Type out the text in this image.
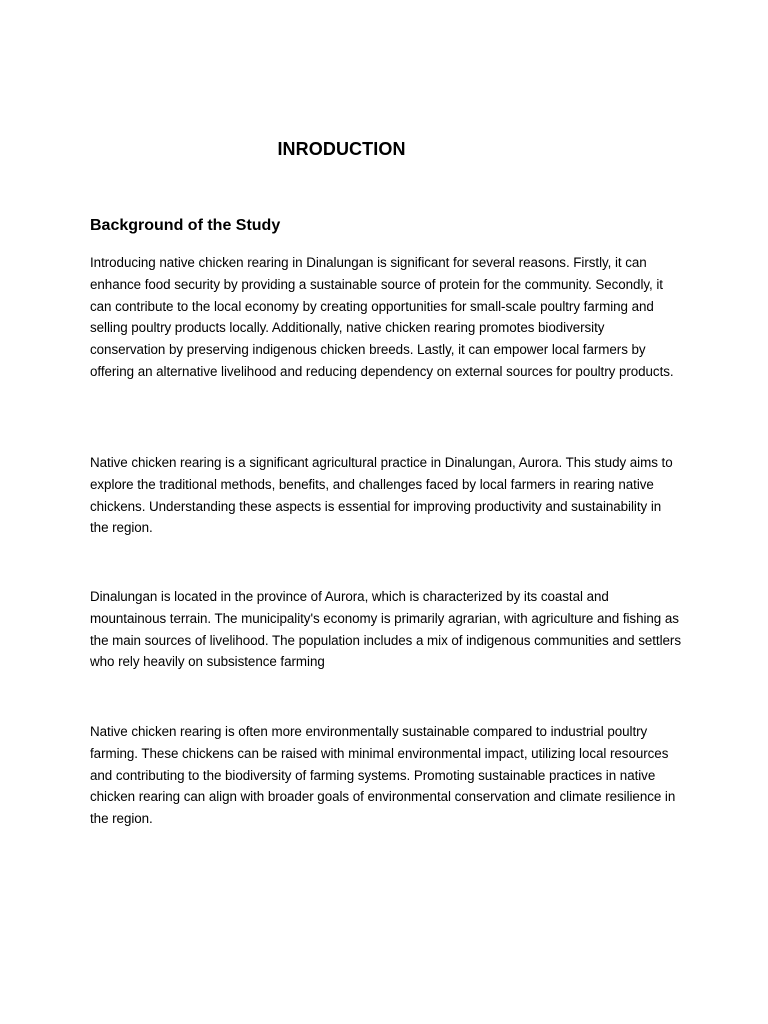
INRODUCTION
Background of the Study

Introducing native chicken rearing in Dinalungan is significant for several reasons. Firstly, it can enhance food security by providing a sustainable source of protein for the community. Secondly, it can contribute to the local economy by creating opportunities for small-scale poultry farming and selling poultry products locally. Additionally, native chicken rearing promotes biodiversity conservation by preserving indigenous chicken breeds. Lastly, it can empower local farmers by offering an alternative livelihood and reducing dependency on external sources for poultry products.

Native chicken rearing is a significant agricultural practice in Dinalungan, Aurora. This study aims to explore the traditional methods, benefits, and challenges faced by local farmers in rearing native chickens. Understanding these aspects is essential for improving productivity and sustainability in the region.

Dinalungan is located in the province of Aurora, which is characterized by its coastal and mountainous terrain. The municipality's economy is primarily agrarian, with agriculture and fishing as the main sources of livelihood. The population includes a mix of indigenous communities and settlers who rely heavily on subsistence farming

Native chicken rearing is often more environmentally sustainable compared to industrial poultry farming. These chickens can be raised with minimal environmental impact, utilizing local resources and contributing to the biodiversity of farming systems. Promoting sustainable practices in native chicken rearing can align with broader goals of environmental conservation and climate resilience in the region.
